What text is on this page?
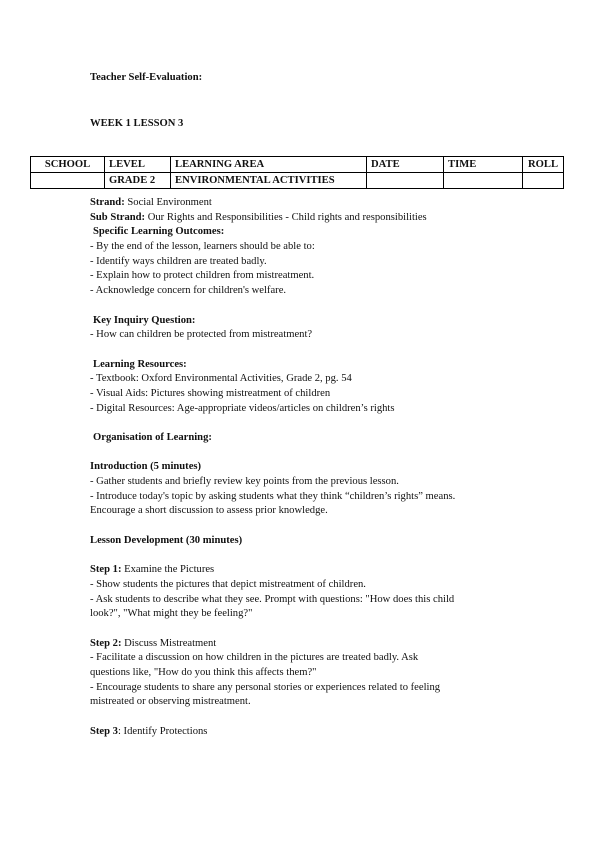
Teacher Self-Evaluation:
WEEK 1 LESSON 3
SCHOOL	LEVEL	LEARNING AREA	DATE	TIME	ROLL
	GRADE 2	ENVIRONMENTAL ACTIVITIES			
Strand: Social Environment
Sub Strand: Our Rights and Responsibilities - Child rights and responsibilities
Specific Learning Outcomes:
- By the end of the lesson, learners should be able to:
- Identify ways children are treated badly.
- Explain how to protect children from mistreatment.
- Acknowledge concern for children's welfare.
Key Inquiry Question:
- How can children be protected from mistreatment?
Learning Resources:
- Textbook: Oxford Environmental Activities, Grade 2, pg. 54
- Visual Aids: Pictures showing mistreatment of children
- Digital Resources: Age-appropriate videos/articles on children’s rights
Organisation of Learning:
Introduction (5 minutes)
- Gather students and briefly review key points from the previous lesson.
- Introduce today's topic by asking students what they think “children’s rights” means.
Encourage a short discussion to assess prior knowledge.
Lesson Development (30 minutes)
Step 1: Examine the Pictures
- Show students the pictures that depict mistreatment of children.
- Ask students to describe what they see. Prompt with questions: "How does this child
look?", "What might they be feeling?"
Step 2: Discuss Mistreatment
- Facilitate a discussion on how children in the pictures are treated badly. Ask
questions like, "How do you think this affects them?"
- Encourage students to share any personal stories or experiences related to feeling
mistreated or observing mistreatment.
Step 3: Identify Protections
